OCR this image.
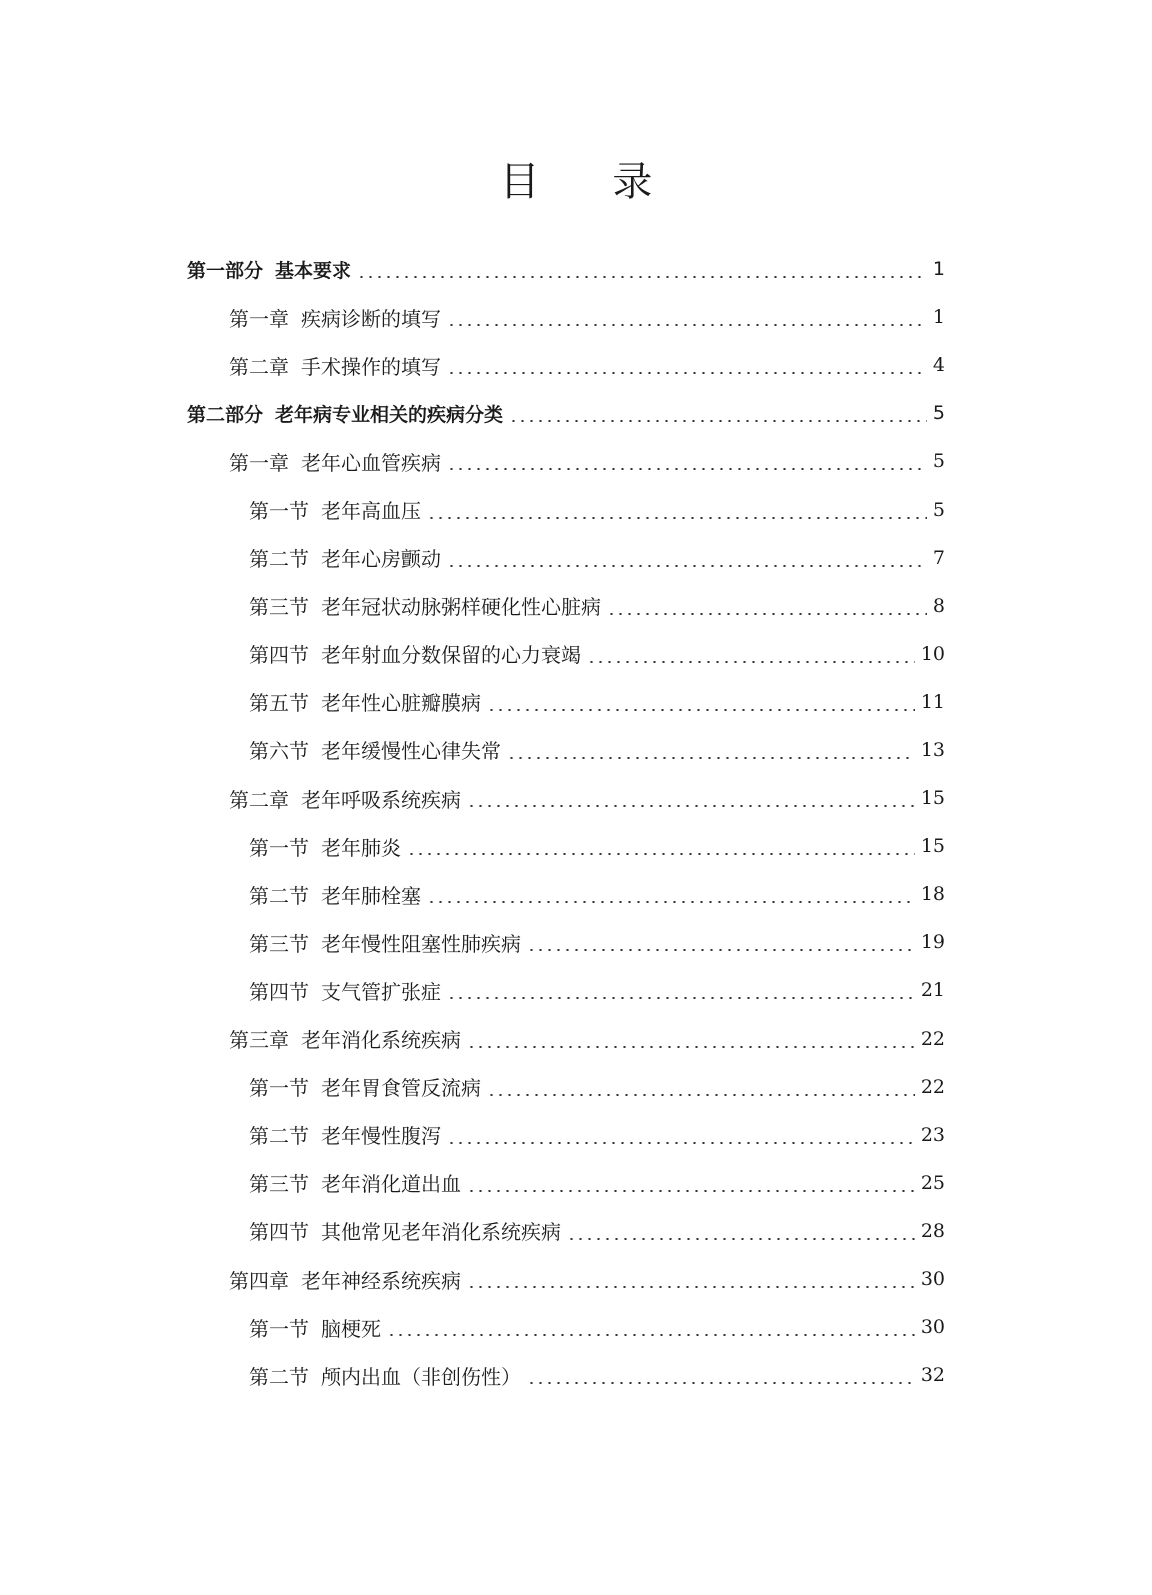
目 录
第一部分 基本要求	1
第一章 疾病诊断的填写	1
第二章 手术操作的填写	4
第二部分 老年病专业相关的疾病分类	5
第一章 老年心血管疾病	5
第一节 老年高血压	5
第二节 老年心房颤动	7
第三节 老年冠状动脉粥样硬化性心脏病	8
第四节 老年射血分数保留的心力衰竭	10
第五节 老年性心脏瓣膜病	11
第六节 老年缓慢性心律失常	13
第二章 老年呼吸系统疾病	15
第一节 老年肺炎	15
第二节 老年肺栓塞	18
第三节 老年慢性阻塞性肺疾病	19
第四节 支气管扩张症	21
第三章 老年消化系统疾病	22
第一节 老年胃食管反流病	22
第二节 老年慢性腹泻	23
第三节 老年消化道出血	25
第四节 其他常见老年消化系统疾病	28
第四章 老年神经系统疾病	30
第一节 脑梗死	30
第二节 颅内出血（非创伤性）	32
